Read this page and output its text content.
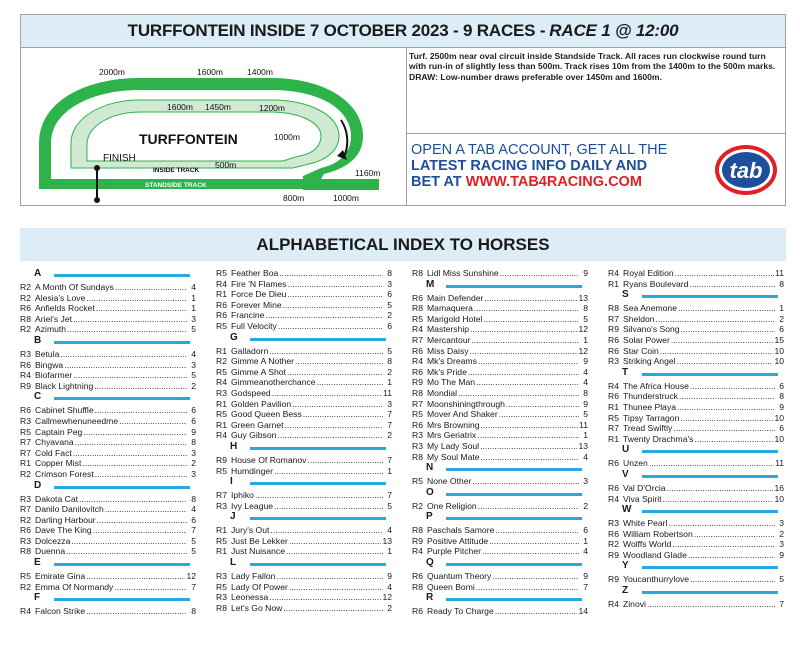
TURFFONTEIN INSIDE 7 OCTOBER 2023 - 9 RACES - RACE 1 @ 12:00
TURFFONTEIN
FINISH
INSIDE TRACK
STANDSIDE TRACK
2000m	1600m	1400m
1600m 1450m	1200m
1000m
500m
1160m
800m	1000m
Turf. 2500m near oval circuit inside Standside Track. All races run clockwise round turn with run-in of slightly less than 500m. Track rises 10m from the 1400m to the 500m marks. DRAW: Low-number draws preferable over 1450m and 1600m.
OPEN A TAB ACCOUNT, GET ALL THE
LATEST RACING INFO DAILY AND
BET AT WWW.TAB4RACING.COM	tab
ALPHABETICAL INDEX TO HORSES
A
R2 A Month Of Sundays .....	4
R2 Alesia's Love .....	1
R6 Anfields Rocket .....	1
R8 Ariel's Jet .....	3
R2 Azimuth .....	5
B
R3 Betula .....	4
R6 Bingwa .....	3
R4 Biofarmer .....	5
R9 Black Lightning .....	2
C
R6 Cabinet Shuffle .....	6
R3 Callmewhenuneedme .....	6
R5 Captain Peg .....	9
R7 Chyavana .....	8
R7 Cold Fact .....	3
R1 Copper Mist .....	2
R2 Crimson Forest .....	3
D
R3 Dakota Cat .....	8
R7 Danilo Danilovitch .....	4
R2 Darling Harbour .....	6
R6 Dave The King .....	7
R3 Dolcezza .....	5
R8 Duenna .....	5
E
R5 Emirate Gina .....	12
R2 Emma Of Normandy .....	7
F
R4 Falcon Strike .....	8
R5 Feather Boa .....	8
R4 Fire 'N Flames .....	3
R1 Force De Dieu .....	6
R6 Forever Mine .....	5
R6 Francine .....	2
R5 Full Velocity .....	6
G
R1 Galladorn .....	5
R2 Gimme A Nother .....	8
R5 Gimme A Shot .....	2
R4 Gimmeanotherchance .....	1
R3 Godspeed .....	11
R1 Golden Pavilion .....	3
R5 Good Queen Bess .....	7
R1 Green Garnet .....	7
R4 Guy Gibson .....	2
H
R9 House Of Romanov .....	7
R5 Humdinger .....	1
I
R7 Iphiko .....	7
R3 Ivy League .....	5
J
R1 Jury's Out .....	4
R5 Just Be Lekker .....	13
R1 Just Nuisance .....	1
L
R3 Lady Fallon .....	9
R5 Lady Of Power .....	4
R3 Leonessa .....	12
R8 Let's Go Now .....	2
R8 Lidl Miss Sunshine .....	9
M
R6 Main Defender .....	13
R8 Mamaquera .....	8
R5 Marigold Hotel .....	5
R4 Mastership .....	12
R7 Mercantour .....	1
R6 Miss Daisy .....	12
R4 Mk's Dreams .....	9
R6 Mk's Pride .....	4
R9 Mo The Man .....	4
R8 Mondial .....	8
R7 Moonshiningthrough .....	9
R5 Mover And Shaker .....	5
R6 Mrs Browning .....	11
R3 Mrs Geriatrix .....	1
R3 My Lady Soul .....	13
R8 My Soul Mate .....	4
N
R5 None Other .....	3
O
R2 One Religion .....	2
P
R8 Paschals Samore .....	6
R9 Positive Attitude .....	1
R4 Purple Pitcher .....	4
Q
R6 Quantum Theory .....	9
R8 Queen Bomi .....	7
R
R6 Ready To Charge .....	14
R4 Royal Edition .....	11
R1 Ryans Boulevard .....	8
S
R8 Sea Anemone .....	1
R7 Sheldon .....	2
R9 Silvano's Song .....	6
R6 Solar Power .....	15
R6 Star Coin .....	10
R3 Striking Angel .....	10
T
R4 The Africa House .....	6
R6 Thunderstruck .....	8
R1 Thunee Playa .....	9
R5 Tipsy Tarragon .....	10
R7 Tread Swiftly .....	6
R1 Twenty Drachma's .....	10
U
R6 Unzen .....	11
V
R6 Val D'Orcia .....	16
R4 Viva Spirit .....	10
W
R3 White Pearl .....	3
R6 William Robertson .....	2
R2 Wolffs World .....	3
R9 Woodland Glade .....	9
Y
R9 Youcanthurrylove .....	5
Z
R4 Zinovi .....	7
